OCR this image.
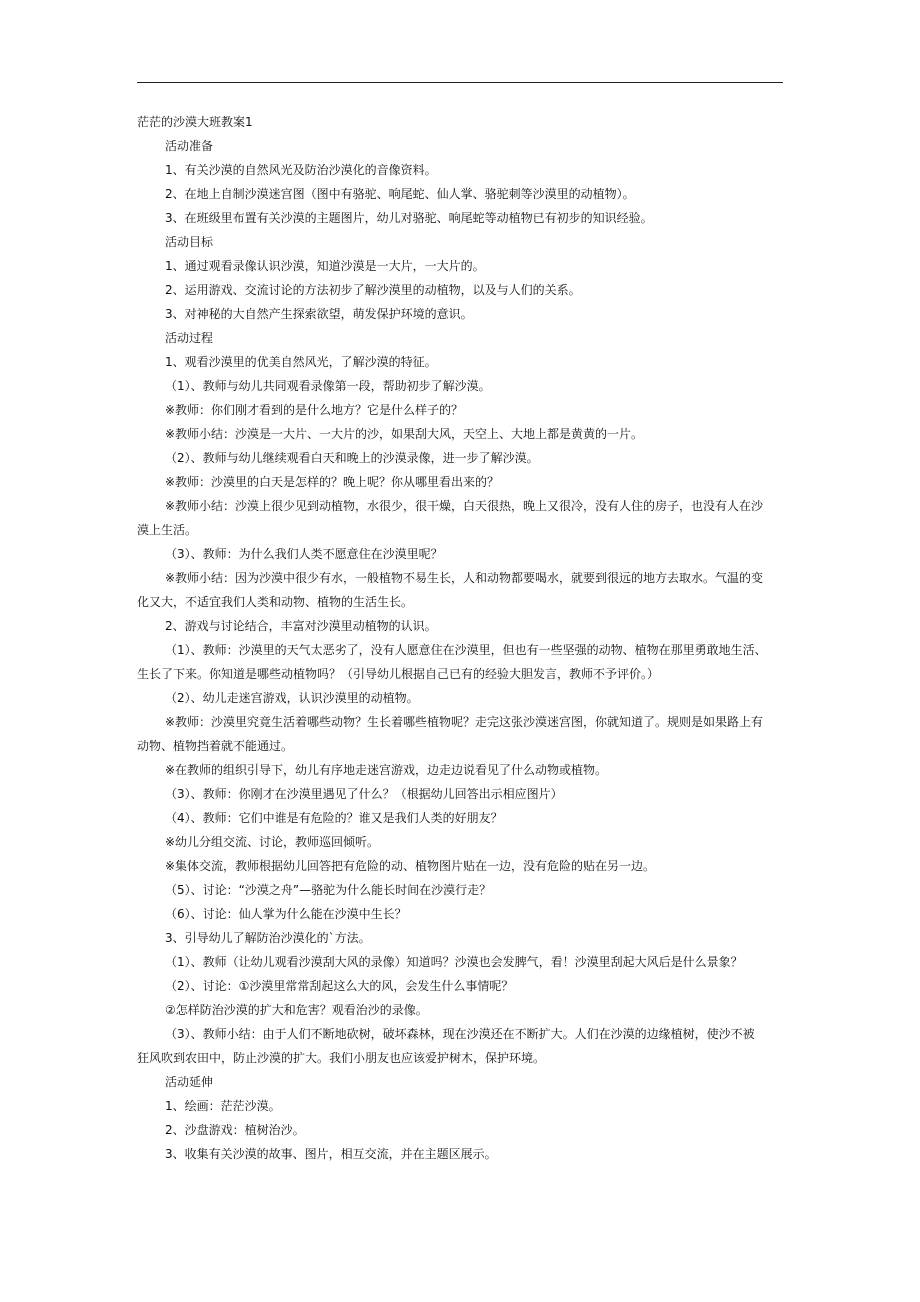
茫茫的沙漠大班教案1
活动准备
1、有关沙漠的自然风光及防治沙漠化的音像资料。
2、在地上自制沙漠迷宫图（图中有骆驼、响尾蛇、仙人掌、骆驼刺等沙漠里的动植物）。
3、在班级里布置有关沙漠的主题图片，幼儿对骆驼、响尾蛇等动植物已有初步的知识经验。
活动目标
1、通过观看录像认识沙漠，知道沙漠是一大片，一大片的。
2、运用游戏、交流讨论的方法初步了解沙漠里的动植物，以及与人们的关系。
3、对神秘的大自然产生探索欲望，萌发保护环境的意识。
活动过程
1、观看沙漠里的优美自然风光，了解沙漠的特征。
（1）、教师与幼儿共同观看录像第一段，帮助初步了解沙漠。
※教师：你们刚才看到的是什么地方？它是什么样子的？
※教师小结：沙漠是一大片、一大片的沙，如果刮大风，天空上、大地上都是黄黄的一片。
（2）、教师与幼儿继续观看白天和晚上的沙漠录像，进一步了解沙漠。
※教师：沙漠里的白天是怎样的？晚上呢？你从哪里看出来的？
※教师小结：沙漠上很少见到动植物，水很少，很干燥，白天很热，晚上又很冷，没有人住的房子，也没有人在沙
漠上生活。
（3）、教师：为什么我们人类不愿意住在沙漠里呢？
※教师小结：因为沙漠中很少有水，一般植物不易生长，人和动物都要喝水，就要到很远的地方去取水。气温的变
化又大，不适宜我们人类和动物、植物的生活生长。
2、游戏与讨论结合，丰富对沙漠里动植物的认识。
（1）、教师：沙漠里的天气太恶劣了，没有人愿意住在沙漠里，但也有一些坚强的动物、植物在那里勇敢地生活、
生长了下来。你知道是哪些动植物吗？（引导幼儿根据自己已有的经验大胆发言，教师不予评价。）
（2）、幼儿走迷宫游戏，认识沙漠里的动植物。
※教师：沙漠里究竟生活着哪些动物？生长着哪些植物呢？走完这张沙漠迷宫图，你就知道了。规则是如果路上有
动物、植物挡着就不能通过。
※在教师的组织引导下，幼儿有序地走迷宫游戏，边走边说看见了什么动物或植物。
（3）、教师：你刚才在沙漠里遇见了什么？（根据幼儿回答出示相应图片）
（4）、教师：它们中谁是有危险的？谁又是我们人类的好朋友？
※幼儿分组交流、讨论，教师巡回倾听。
※集体交流，教师根据幼儿回答把有危险的动、植物图片贴在一边，没有危险的贴在另一边。
（5）、讨论：“沙漠之舟”—骆驼为什么能长时间在沙漠行走？
（6）、讨论：仙人掌为什么能在沙漠中生长？
3、引导幼儿了解防治沙漠化的`方法。
（1）、教师（让幼儿观看沙漠刮大风的录像）知道吗？沙漠也会发脾气，看！沙漠里刮起大风后是什么景象？
（2）、讨论：①沙漠里常常刮起这么大的风，会发生什么事情呢？
②怎样防治沙漠的扩大和危害？观看治沙的录像。
（3）、教师小结：由于人们不断地砍树，破坏森林，现在沙漠还在不断扩大。人们在沙漠的边缘植树，使沙不被
狂风吹到农田中，防止沙漠的扩大。我们小朋友也应该爱护树木，保护环境。
活动延伸
1、绘画：茫茫沙漠。
2、沙盘游戏：植树治沙。
3、收集有关沙漠的故事、图片，相互交流，并在主题区展示。
